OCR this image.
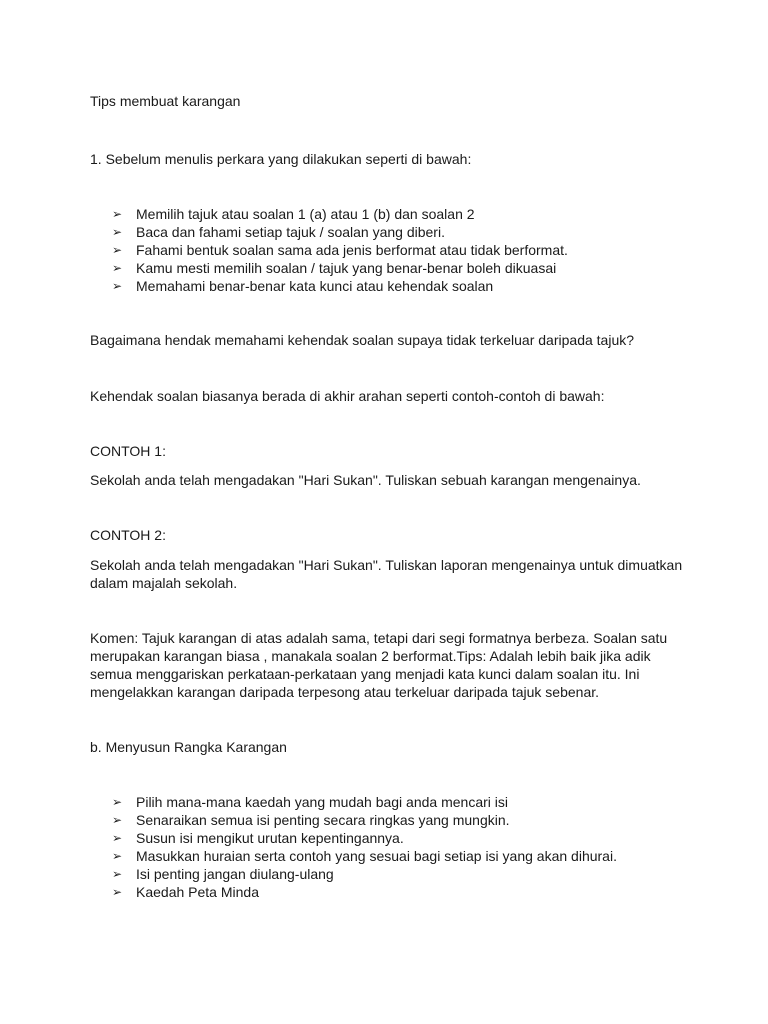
Tips membuat karangan
1. Sebelum menulis perkara yang dilakukan seperti di bawah:
➢ Memilih tajuk atau soalan 1 (a) atau 1 (b) dan soalan 2
➢ Baca dan fahami setiap tajuk / soalan yang diberi.
➢ Fahami bentuk soalan sama ada jenis berformat atau tidak berformat.
➢ Kamu mesti memilih soalan / tajuk yang benar-benar boleh dikuasai
➢ Memahami benar-benar kata kunci atau kehendak soalan
Bagaimana hendak memahami kehendak soalan supaya tidak terkeluar daripada tajuk?
Kehendak soalan biasanya berada di akhir arahan seperti contoh-contoh di bawah:
CONTOH 1:
Sekolah anda telah mengadakan "Hari Sukan". Tuliskan sebuah karangan mengenainya.
CONTOH 2:
Sekolah anda telah mengadakan "Hari Sukan". Tuliskan laporan mengenainya untuk dimuatkan
dalam majalah sekolah.
Komen: Tajuk karangan di atas adalah sama, tetapi dari segi formatnya berbeza. Soalan satu
merupakan karangan biasa , manakala soalan 2 berformat.Tips: Adalah lebih baik jika adik
semua menggariskan perkataan-perkataan yang menjadi kata kunci dalam soalan itu. Ini
mengelakkan karangan daripada terpesong atau terkeluar daripada tajuk sebenar.
b. Menyusun Rangka Karangan
➢ Pilih mana-mana kaedah yang mudah bagi anda mencari isi
➢ Senaraikan semua isi penting secara ringkas yang mungkin.
➢ Susun isi mengikut urutan kepentingannya.
➢ Masukkan huraian serta contoh yang sesuai bagi setiap isi yang akan dihurai.
➢ Isi penting jangan diulang-ulang
➢ Kaedah Peta Minda
